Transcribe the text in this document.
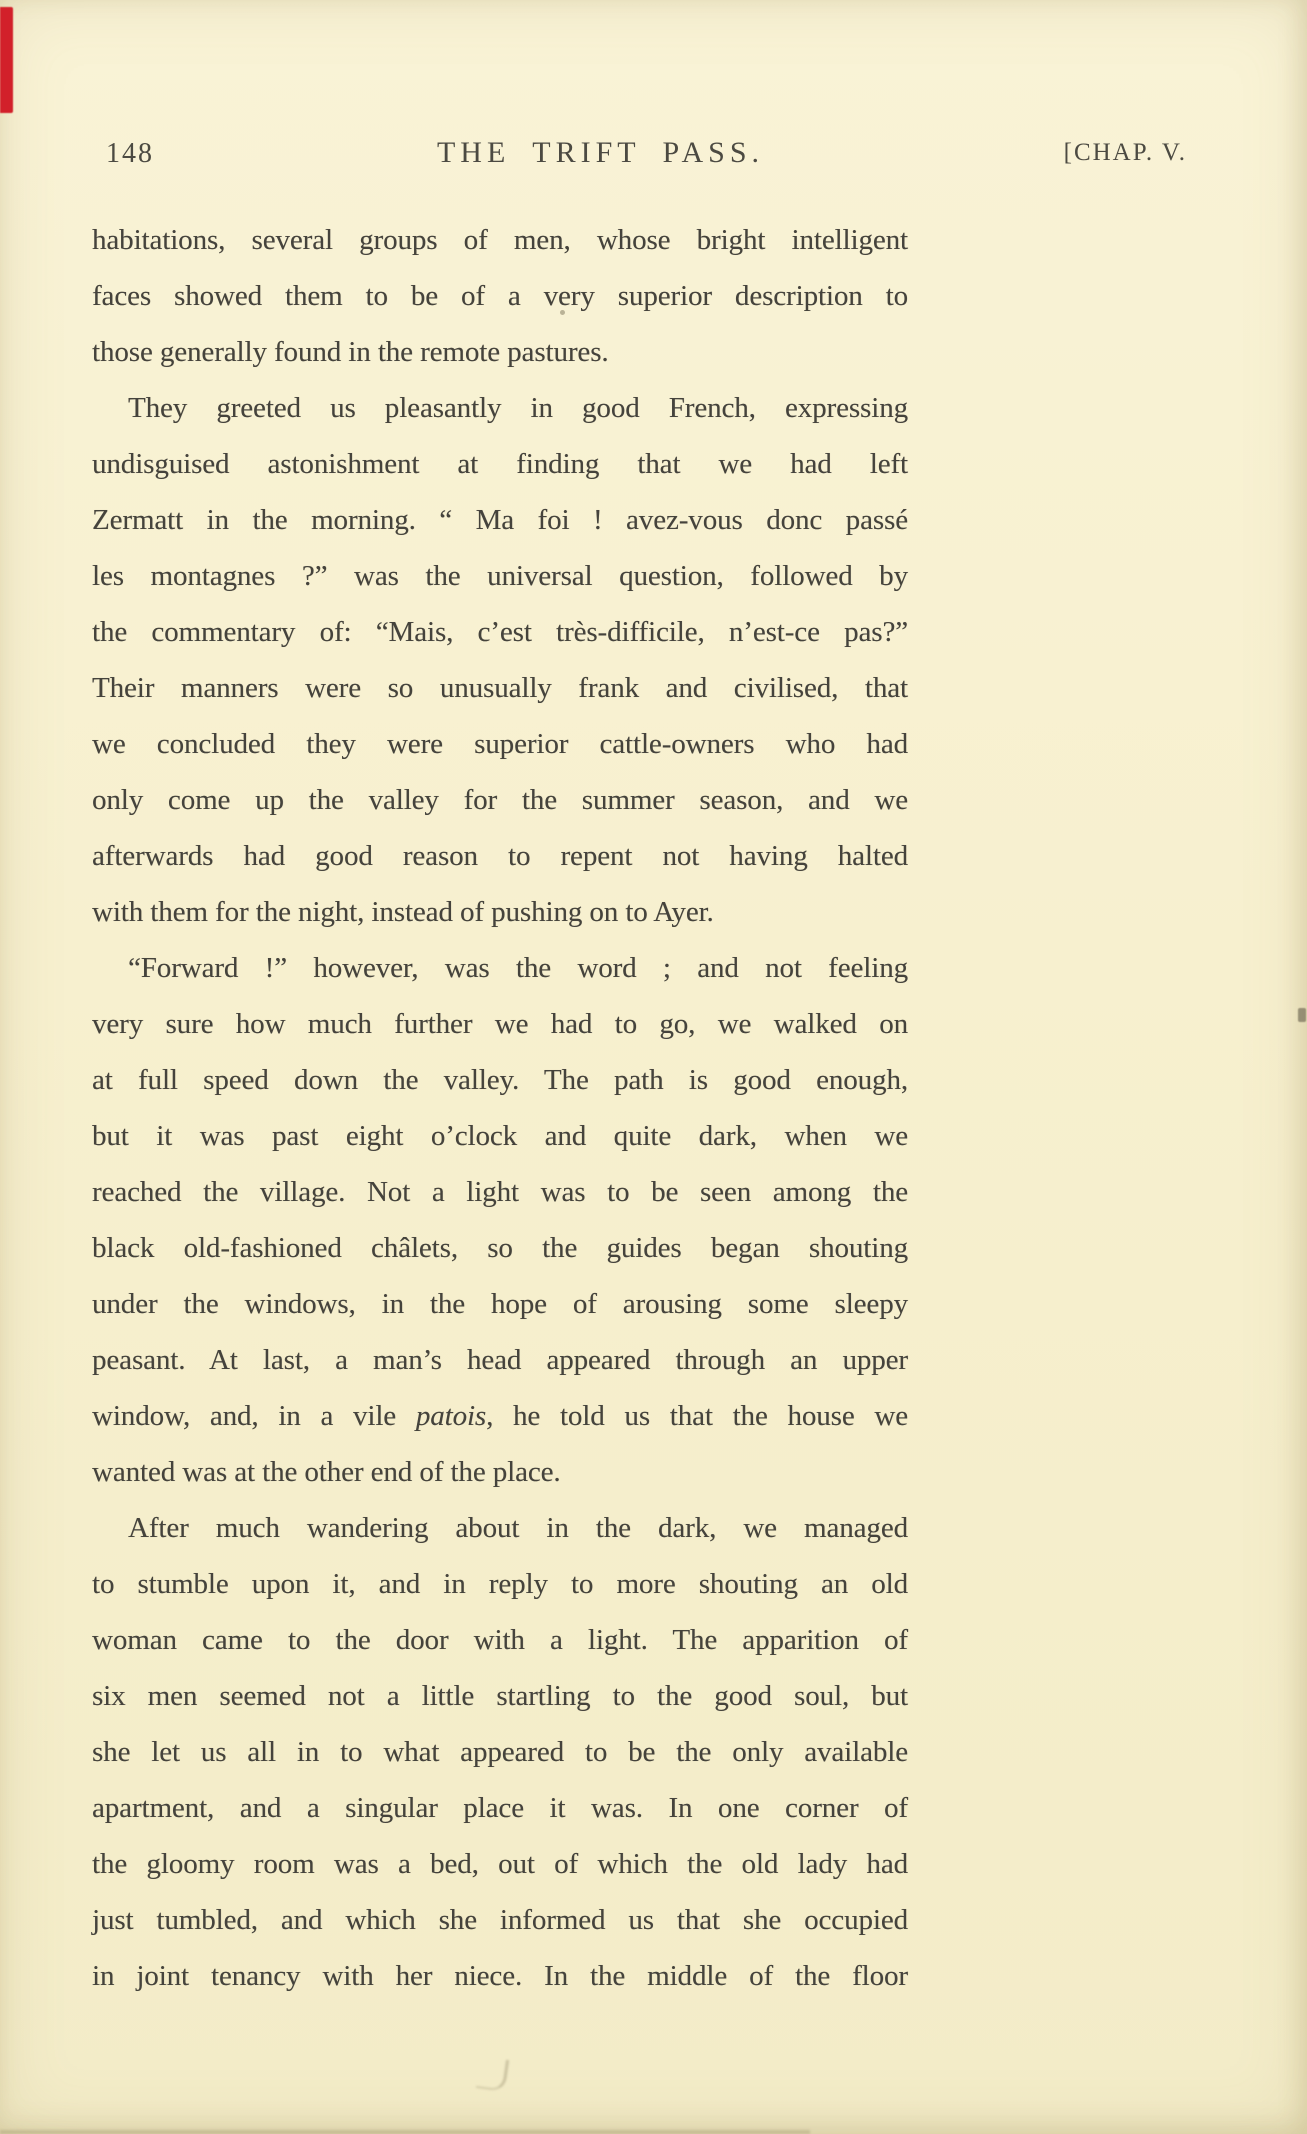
148	THE TRIFT PASS.	[CHAP. V.
habitations, several groups of men, whose bright intelligent
faces showed them to be of a very superior description to
those generally found in the remote pastures.
They greeted us pleasantly in good French, expressing
undisguised astonishment at finding that we had left
Zermatt in the morning. “ Ma foi ! avez-vous donc passé
les montagnes ?” was the universal question, followed by
the commentary of: “Mais, c’est très-difficile, n’est-ce pas?”
Their manners were so unusually frank and civilised, that
we concluded they were superior cattle-owners who had
only come up the valley for the summer season, and we
afterwards had good reason to repent not having halted
with them for the night, instead of pushing on to Ayer.
“Forward !” however, was the word ; and not feeling
very sure how much further we had to go, we walked on
at full speed down the valley. The path is good enough,
but it was past eight o’clock and quite dark, when we
reached the village. Not a light was to be seen among the
black old-fashioned châlets, so the guides began shouting
under the windows, in the hope of arousing some sleepy
peasant. At last, a man’s head appeared through an upper
window, and, in a vile patois, he told us that the house we
wanted was at the other end of the place.
After much wandering about in the dark, we managed
to stumble upon it, and in reply to more shouting an old
woman came to the door with a light. The apparition of
six men seemed not a little startling to the good soul, but
she let us all in to what appeared to be the only available
apartment, and a singular place it was. In one corner of
the gloomy room was a bed, out of which the old lady had
just tumbled, and which she informed us that she occupied
in joint tenancy with her niece. In the middle of the floor
